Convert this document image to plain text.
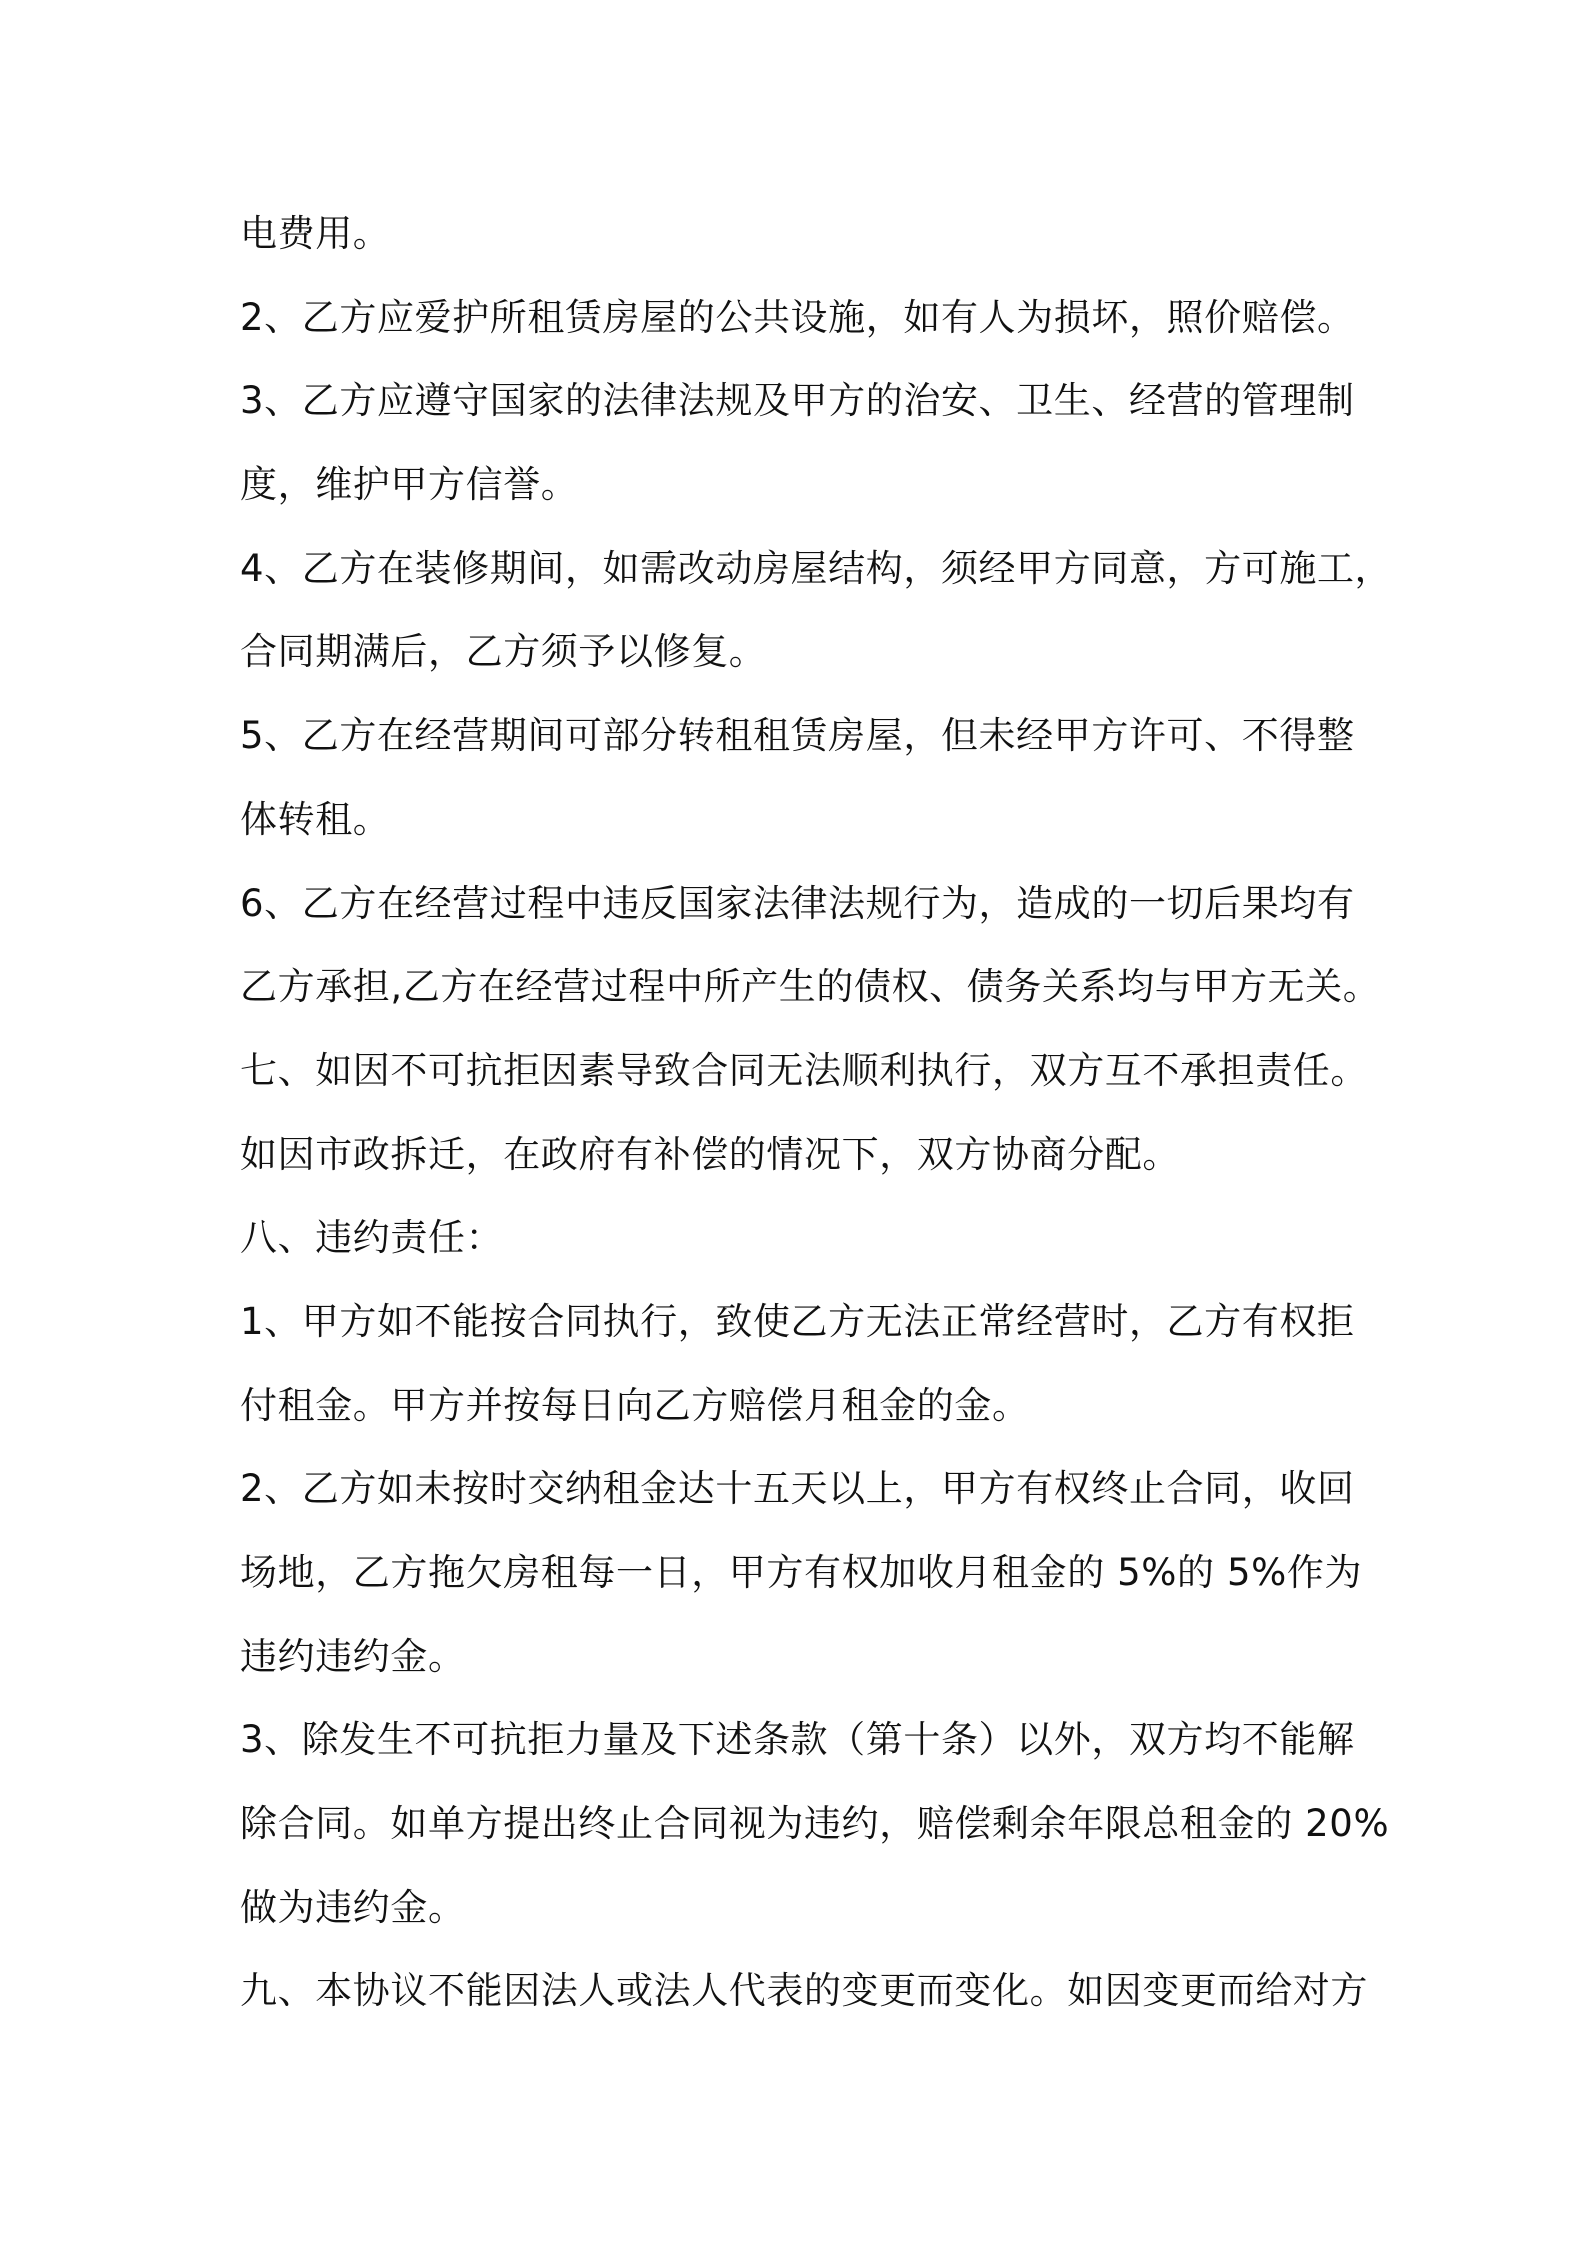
电费用。
2、乙方应爱护所租赁房屋的公共设施，如有人为损坏，照价赔偿。
3、乙方应遵守国家的法律法规及甲方的治安、卫生、经营的管理制
度，维护甲方信誉。
4、乙方在装修期间，如需改动房屋结构，须经甲方同意，方可施工，
合同期满后，乙方须予以修复。
5、乙方在经营期间可部分转租租赁房屋，但未经甲方许可、不得整
体转租。
6、乙方在经营过程中违反国家法律法规行为，造成的一切后果均有
乙方承担,乙方在经营过程中所产生的债权、债务关系均与甲方无关。
七、如因不可抗拒因素导致合同无法顺利执行，双方互不承担责任。
如因市政拆迁，在政府有补偿的情况下，双方协商分配。
八、违约责任：
1、甲方如不能按合同执行，致使乙方无法正常经营时，乙方有权拒
付租金。甲方并按每日向乙方赔偿月租金的金。
2、乙方如未按时交纳租金达十五天以上，甲方有权终止合同，收回
场地，乙方拖欠房租每一日，甲方有权加收月租金的 5%的 5%作为
违约违约金。
3、除发生不可抗拒力量及下述条款（第十条）以外，双方均不能解
除合同。如单方提出终止合同视为违约，赔偿剩余年限总租金的 20%
做为违约金。
九、本协议不能因法人或法人代表的变更而变化。如因变更而给对方
